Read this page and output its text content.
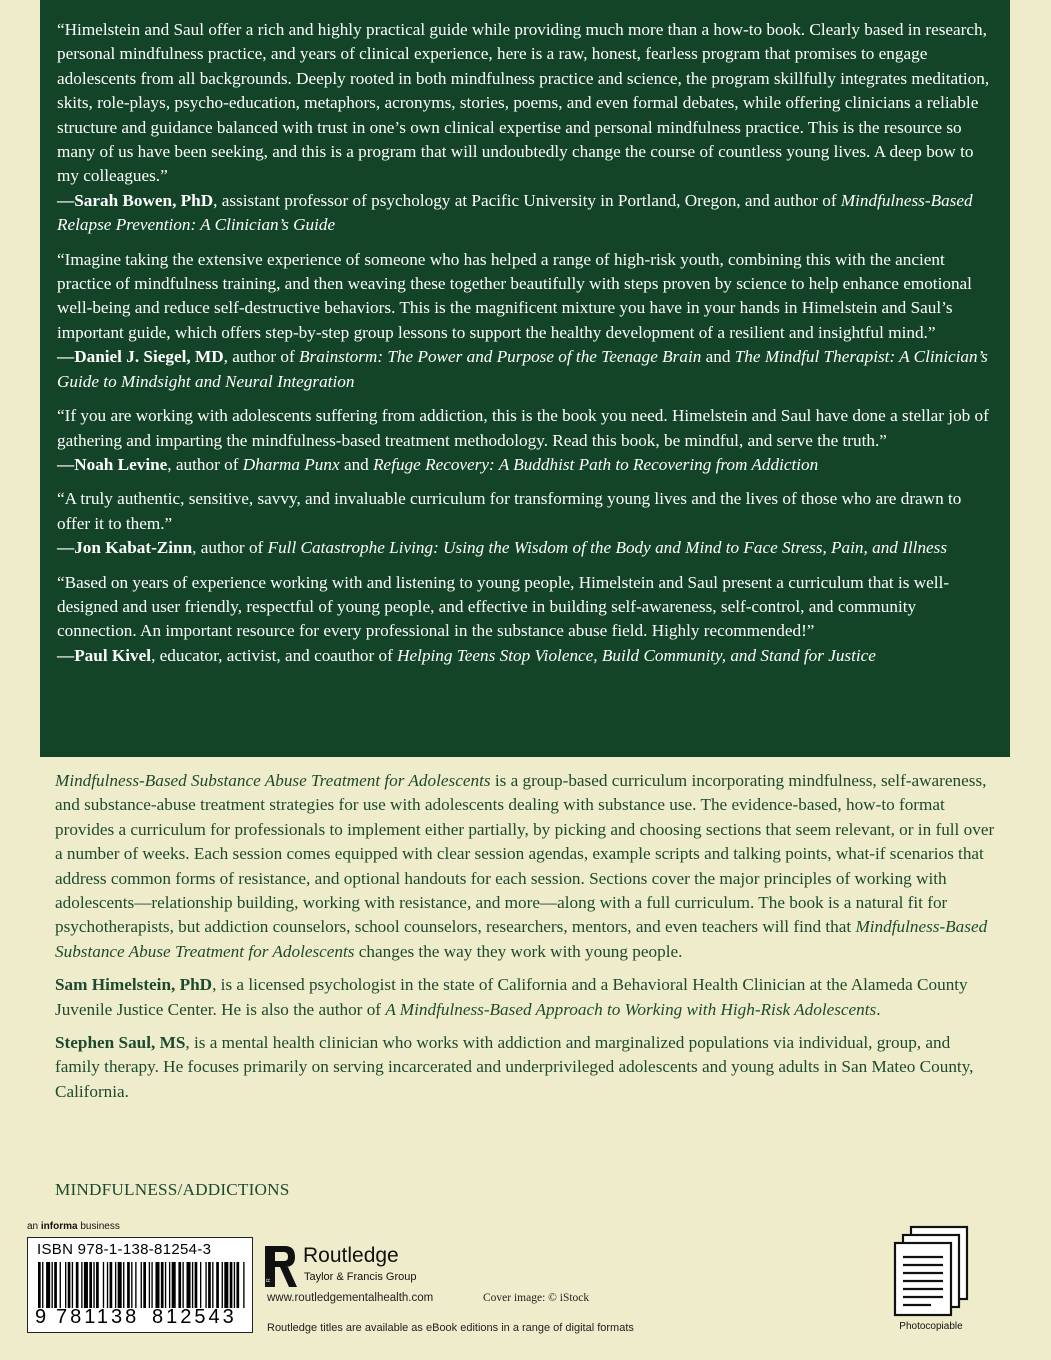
“Himelstein and Saul offer a rich and highly practical guide while providing much more than a how-to book. Clearly based in research, personal mindfulness practice, and years of clinical experience, here is a raw, honest, fearless program that promises to engage adolescents from all backgrounds. Deeply rooted in both mindfulness practice and science, the program skillfully integrates meditation, skits, role-plays, psycho-education, metaphors, acronyms, stories, poems, and even formal debates, while offering clinicians a reliable structure and guidance balanced with trust in one’s own clinical expertise and personal mindfulness practice. This is the resource so many of us have been seeking, and this is a program that will undoubtedly change the course of countless young lives. A deep bow to my colleagues.”
—Sarah Bowen, PhD, assistant professor of psychology at Pacific University in Portland, Oregon, and author of Mindfulness-Based Relapse Prevention: A Clinician’s Guide
“Imagine taking the extensive experience of someone who has helped a range of high-risk youth, combining this with the ancient practice of mindfulness training, and then weaving these together beautifully with steps proven by science to help enhance emotional well-being and reduce self-destructive behaviors. This is the magnificent mixture you have in your hands in Himelstein and Saul’s important guide, which offers step-by-step group lessons to support the healthy development of a resilient and insightful mind.”
—Daniel J. Siegel, MD, author of Brainstorm: The Power and Purpose of the Teenage Brain and The Mindful Therapist: A Clinician’s Guide to Mindsight and Neural Integration
“If you are working with adolescents suffering from addiction, this is the book you need. Himelstein and Saul have done a stellar job of gathering and imparting the mindfulness-based treatment methodology. Read this book, be mindful, and serve the truth.”
—Noah Levine, author of Dharma Punx and Refuge Recovery: A Buddhist Path to Recovering from Addiction
“A truly authentic, sensitive, savvy, and invaluable curriculum for transforming young lives and the lives of those who are drawn to offer it to them.”
—Jon Kabat-Zinn, author of Full Catastrophe Living: Using the Wisdom of the Body and Mind to Face Stress, Pain, and Illness
“Based on years of experience working with and listening to young people, Himelstein and Saul present a curriculum that is well-designed and user friendly, respectful of young people, and effective in building self-awareness, self-control, and community connection. An important resource for every professional in the substance abuse field. Highly recommended!”
—Paul Kivel, educator, activist, and coauthor of Helping Teens Stop Violence, Build Community, and Stand for Justice

Mindfulness-Based Substance Abuse Treatment for Adolescents is a group-based curriculum incorporating mindfulness, self-awareness, and substance-abuse treatment strategies for use with adolescents dealing with substance use. The evidence-based, how-to format provides a curriculum for professionals to implement either partially, by picking and choosing sections that seem relevant, or in full over a number of weeks. Each session comes equipped with clear session agendas, example scripts and talking points, what-if scenarios that address common forms of resistance, and optional handouts for each session. Sections cover the major principles of working with adolescents—relationship building, working with resistance, and more—along with a full curriculum. The book is a natural fit for psychotherapists, but addiction counselors, school counselors, researchers, mentors, and even teachers will find that Mindfulness-Based Substance Abuse Treatment for Adolescents changes the way they work with young people.

Sam Himelstein, PhD, is a licensed psychologist in the state of California and a Behavioral Health Clinician at the Alameda County Juvenile Justice Center. He is also the author of A Mindfulness-Based Approach to Working with High-Risk Adolescents.

Stephen Saul, MS, is a mental health clinician who works with addiction and marginalized populations via individual, group, and family therapy. He focuses primarily on serving incarcerated and underprivileged adolescents and young adults in San Mateo County, California.

MINDFULNESS/ADDICTIONS
an informa business
ISBN 978-1-138-81254-3
9 781138 812543
R
Routledge
Taylor & Francis Group
www.routledgementalhealth.com	Cover image: © iStock
Routledge titles are available as eBook editions in a range of digital formats	Photocopiable
